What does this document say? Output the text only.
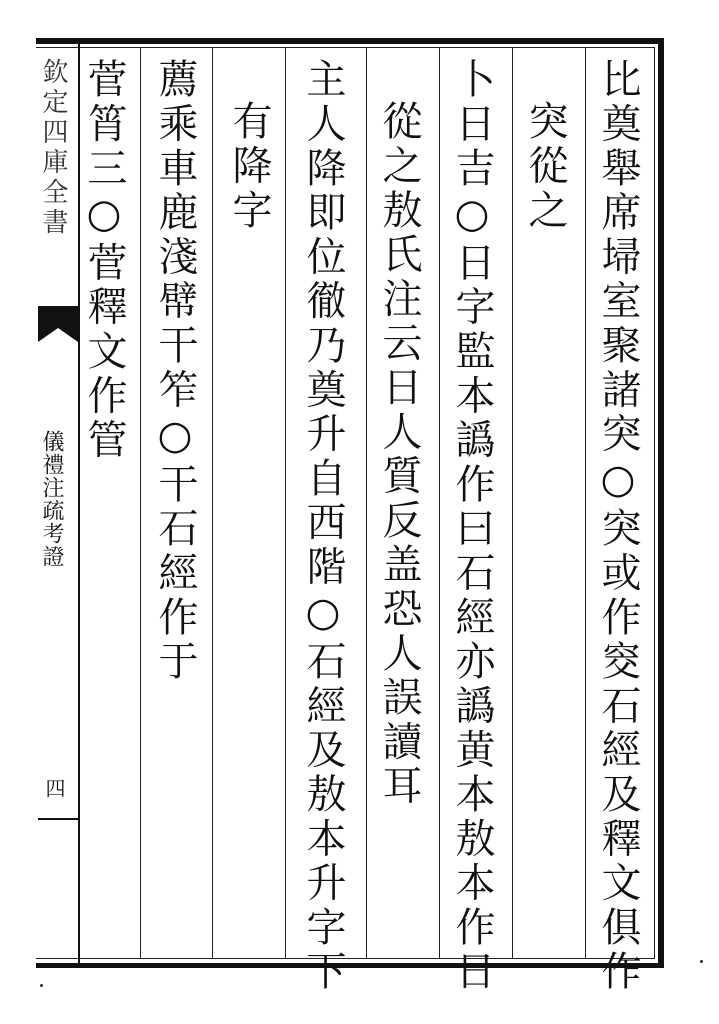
欽定四庫全書
儀禮注疏考證
四	比奠舉席埽室聚諸突○突或作窔石經及釋文俱作
突從之
卜日吉○日字監本譌作曰石經亦譌黄本敖本作日
從之敖氏注云日人質反盖恐人誤讀耳
主人降即位徹乃奠升自西階○石經及敖本升字下
有降字
薦乘車鹿淺幦干笮○干石經作于
菅筲三○菅釋文作管
